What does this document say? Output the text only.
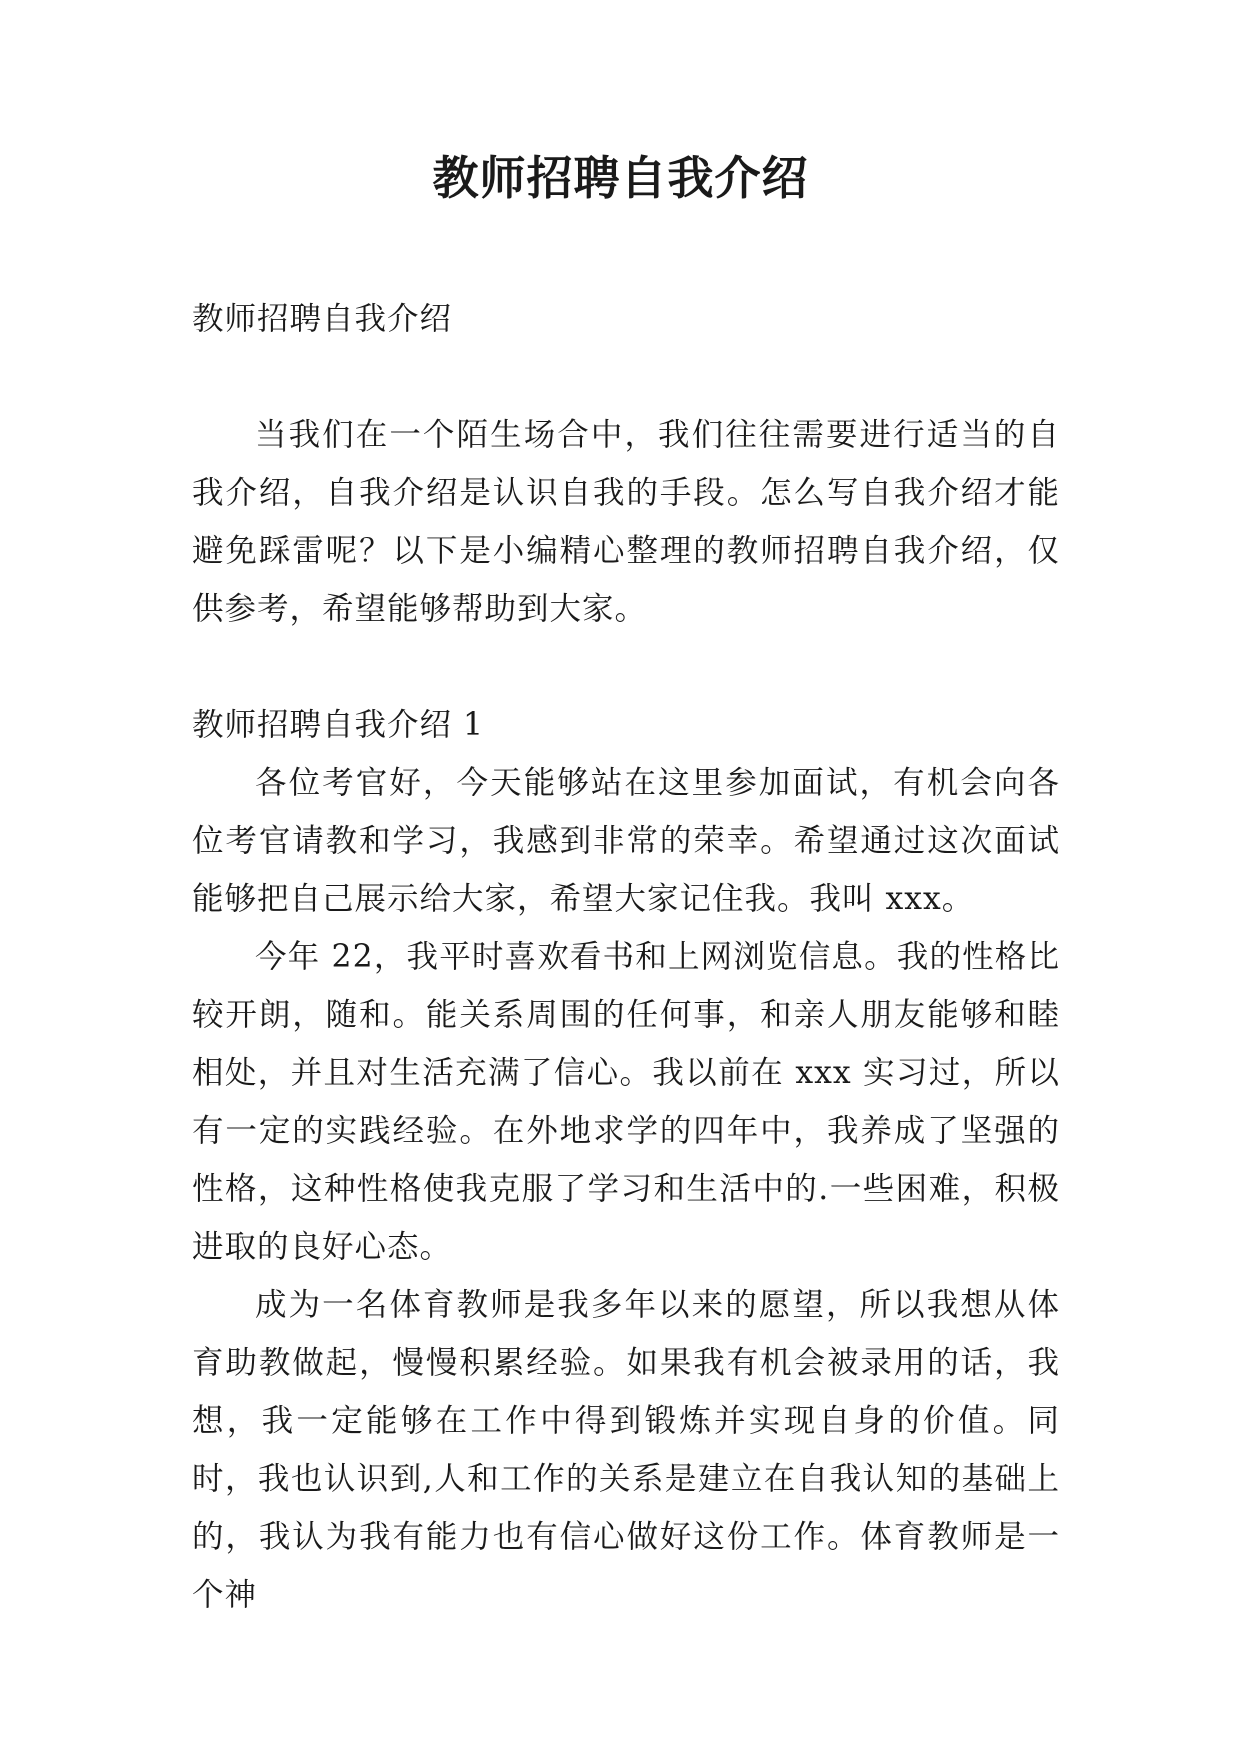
教师招聘自我介绍

教师招聘自我介绍

当我们在一个陌生场合中，我们往往需要进行适当的自我介绍，自我介绍是认识自我的手段。怎么写自我介绍才能避免踩雷呢？以下是小编精心整理的教师招聘自我介绍，仅供参考，希望能够帮助到大家。

教师招聘自我介绍 1

各位考官好，今天能够站在这里参加面试，有机会向各位考官请教和学习，我感到非常的荣幸。希望通过这次面试能够把自己展示给大家，希望大家记住我。我叫 xxx。

今年 22，我平时喜欢看书和上网浏览信息。我的性格比较开朗，随和。能关系周围的任何事，和亲人朋友能够和睦相处，并且对生活充满了信心。我以前在 xxx 实习过，所以有一定的实践经验。在外地求学的四年中，我养成了坚强的性格，这种性格使我克服了学习和生活中的.一些困难，积极进取的良好心态。

成为一名体育教师是我多年以来的愿望，所以我想从体育助教做起，慢慢积累经验。如果我有机会被录用的话，我想，我一定能够在工作中得到锻炼并实现自身的价值。同时，我也认识到,人和工作的关系是建立在自我认知的基础上的，我认为我有能力也有信心做好这份工作。体育教师是一个神
